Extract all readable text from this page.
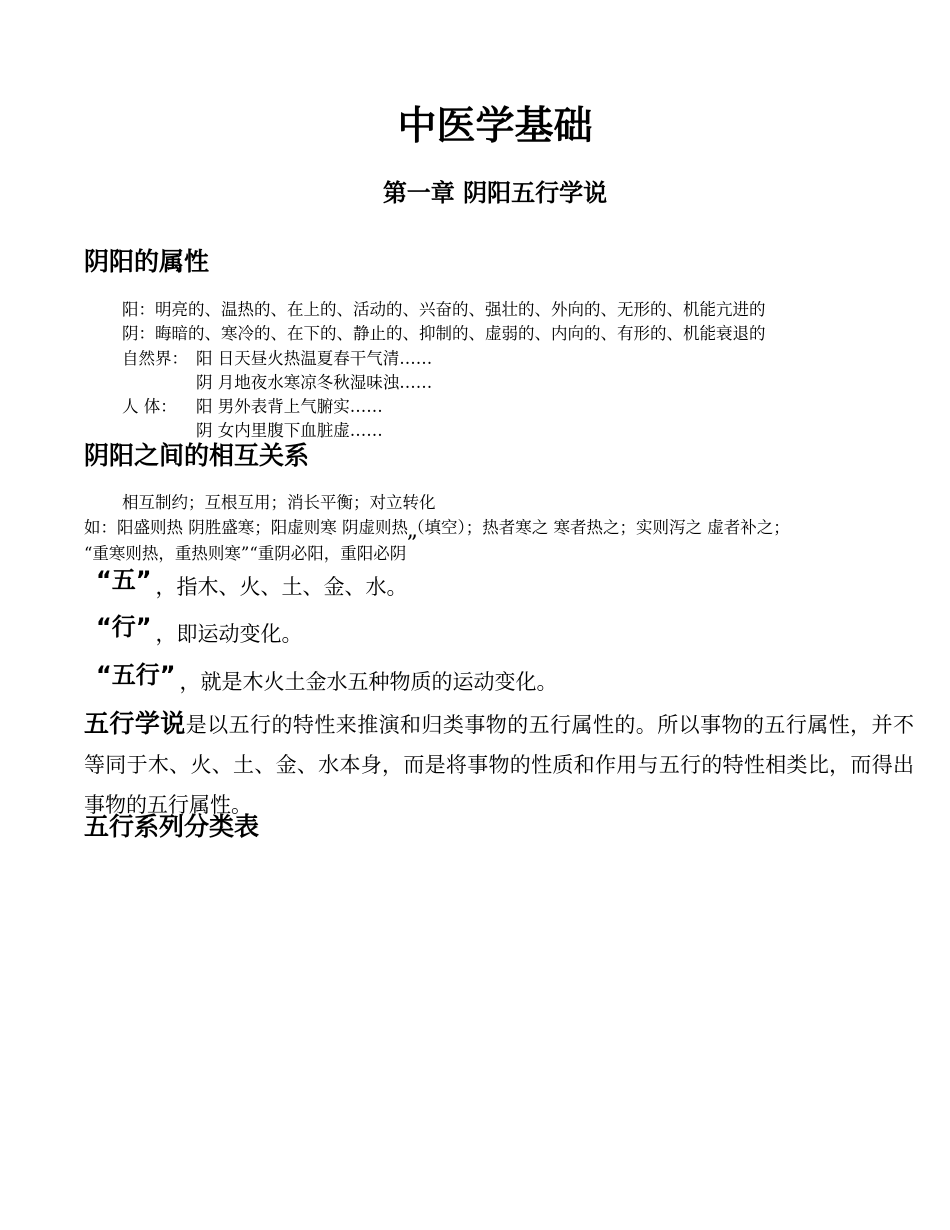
中医学基础
第一章 阴阳五行学说
阴阳的属性
阳：明亮的、温热的、在上的、活动的、兴奋的、强壮的、外向的、无形的、机能亢进的
阴：晦暗的、寒冷的、在下的、静止的、抑制的、虚弱的、内向的、有形的、机能衰退的
自然界： 阳 日天昼火热温夏春干气清……
阴 月地夜水寒凉冬秋湿味浊……
人 体： 阳 男外表背上气腑实……
阴 女内里腹下血脏虚……
阴阳之间的相互关系
相互制约；互根互用；消长平衡；对立转化
如：阳盛则热 阴胜盛寒；阳虚则寒 阴虚则热（填空）；热者寒之 寒者热之；实则泻之 虚者补之；
“重寒则热，重热则寒”“重阴必阳，重阳必阴”
“五” ，指木、火、土、金、水。
“行” ，即运动变化。
“五行” ，就是木火土金水五种物质的运动变化。
五行学说是以五行的特性来推演和归类事物的五行属性的。所以事物的五行属性，并不等同于木、火、土、金、水本身，而是将事物的性质和作用与五行的特性相类比，而得出事物的五行属性。
五行系列分类表
